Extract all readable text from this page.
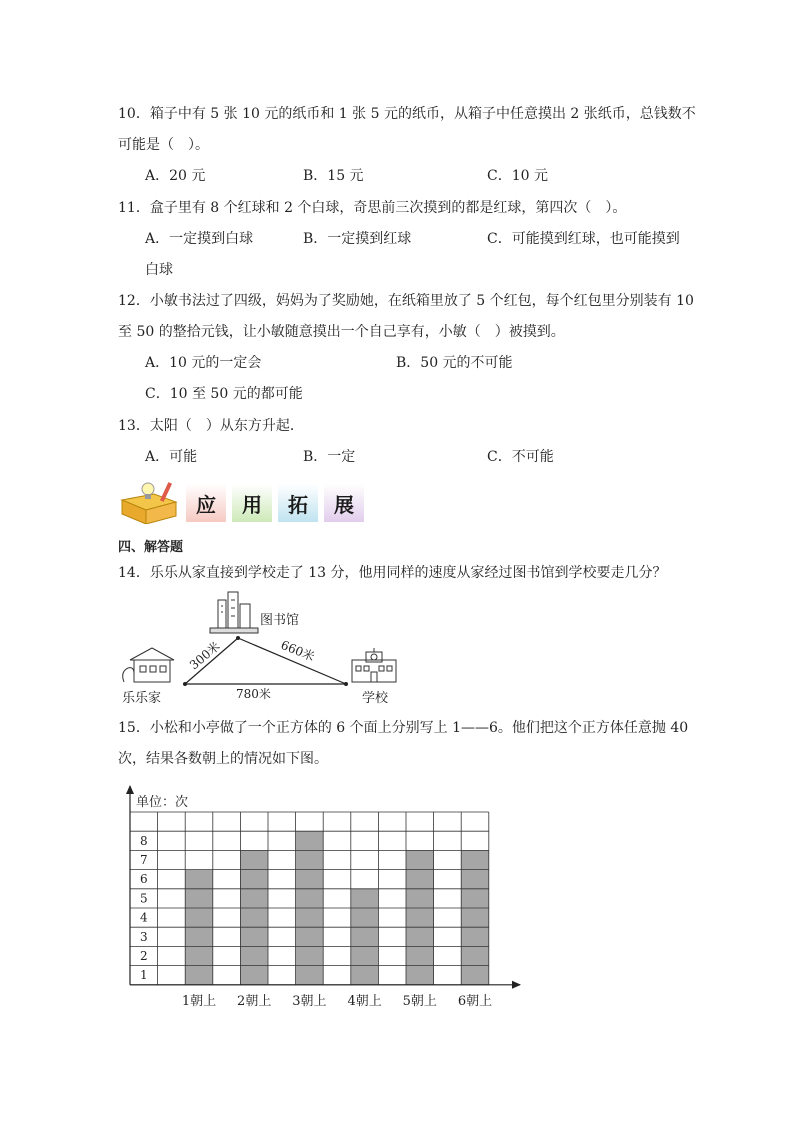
10．箱子中有 5 张 10 元的纸币和 1 张 5 元的纸币，从箱子中任意摸出 2 张纸币，总钱数不
可能是（　）。
A．20 元	B．15 元	C．10 元
11．盒子里有 8 个红球和 2 个白球，奇思前三次摸到的都是红球，第四次（　）。
A．一定摸到白球	B．一定摸到红球	C．可能摸到红球，也可能摸到
白球
12．小敏书法过了四级，妈妈为了奖励她，在纸箱里放了 5 个红包，每个红包里分别装有 10
至 50 的整拾元钱，让小敏随意摸出一个自己享有，小敏（　）被摸到。
A．10 元的一定会	B．50 元的不可能
C．10 至 50 元的都可能
13．太阳（　）从东方升起．
A．可能	B．一定	C．不可能
应 用 拓 展
四、解答题
14．乐乐从家直接到学校走了 13 分，他用同样的速度从家经过图书馆到学校要走几分？
图书馆
乐乐家	学校
300米	660米
780米
15．小松和小亭做了一个正方体的 6 个面上分别写上 1——6。他们把这个正方体任意抛 40
次，结果各数朝上的情况如下图。
单位：次
1
2
3
4
5
6
7
8
1朝上 2朝上 3朝上 4朝上 5朝上 6朝上
